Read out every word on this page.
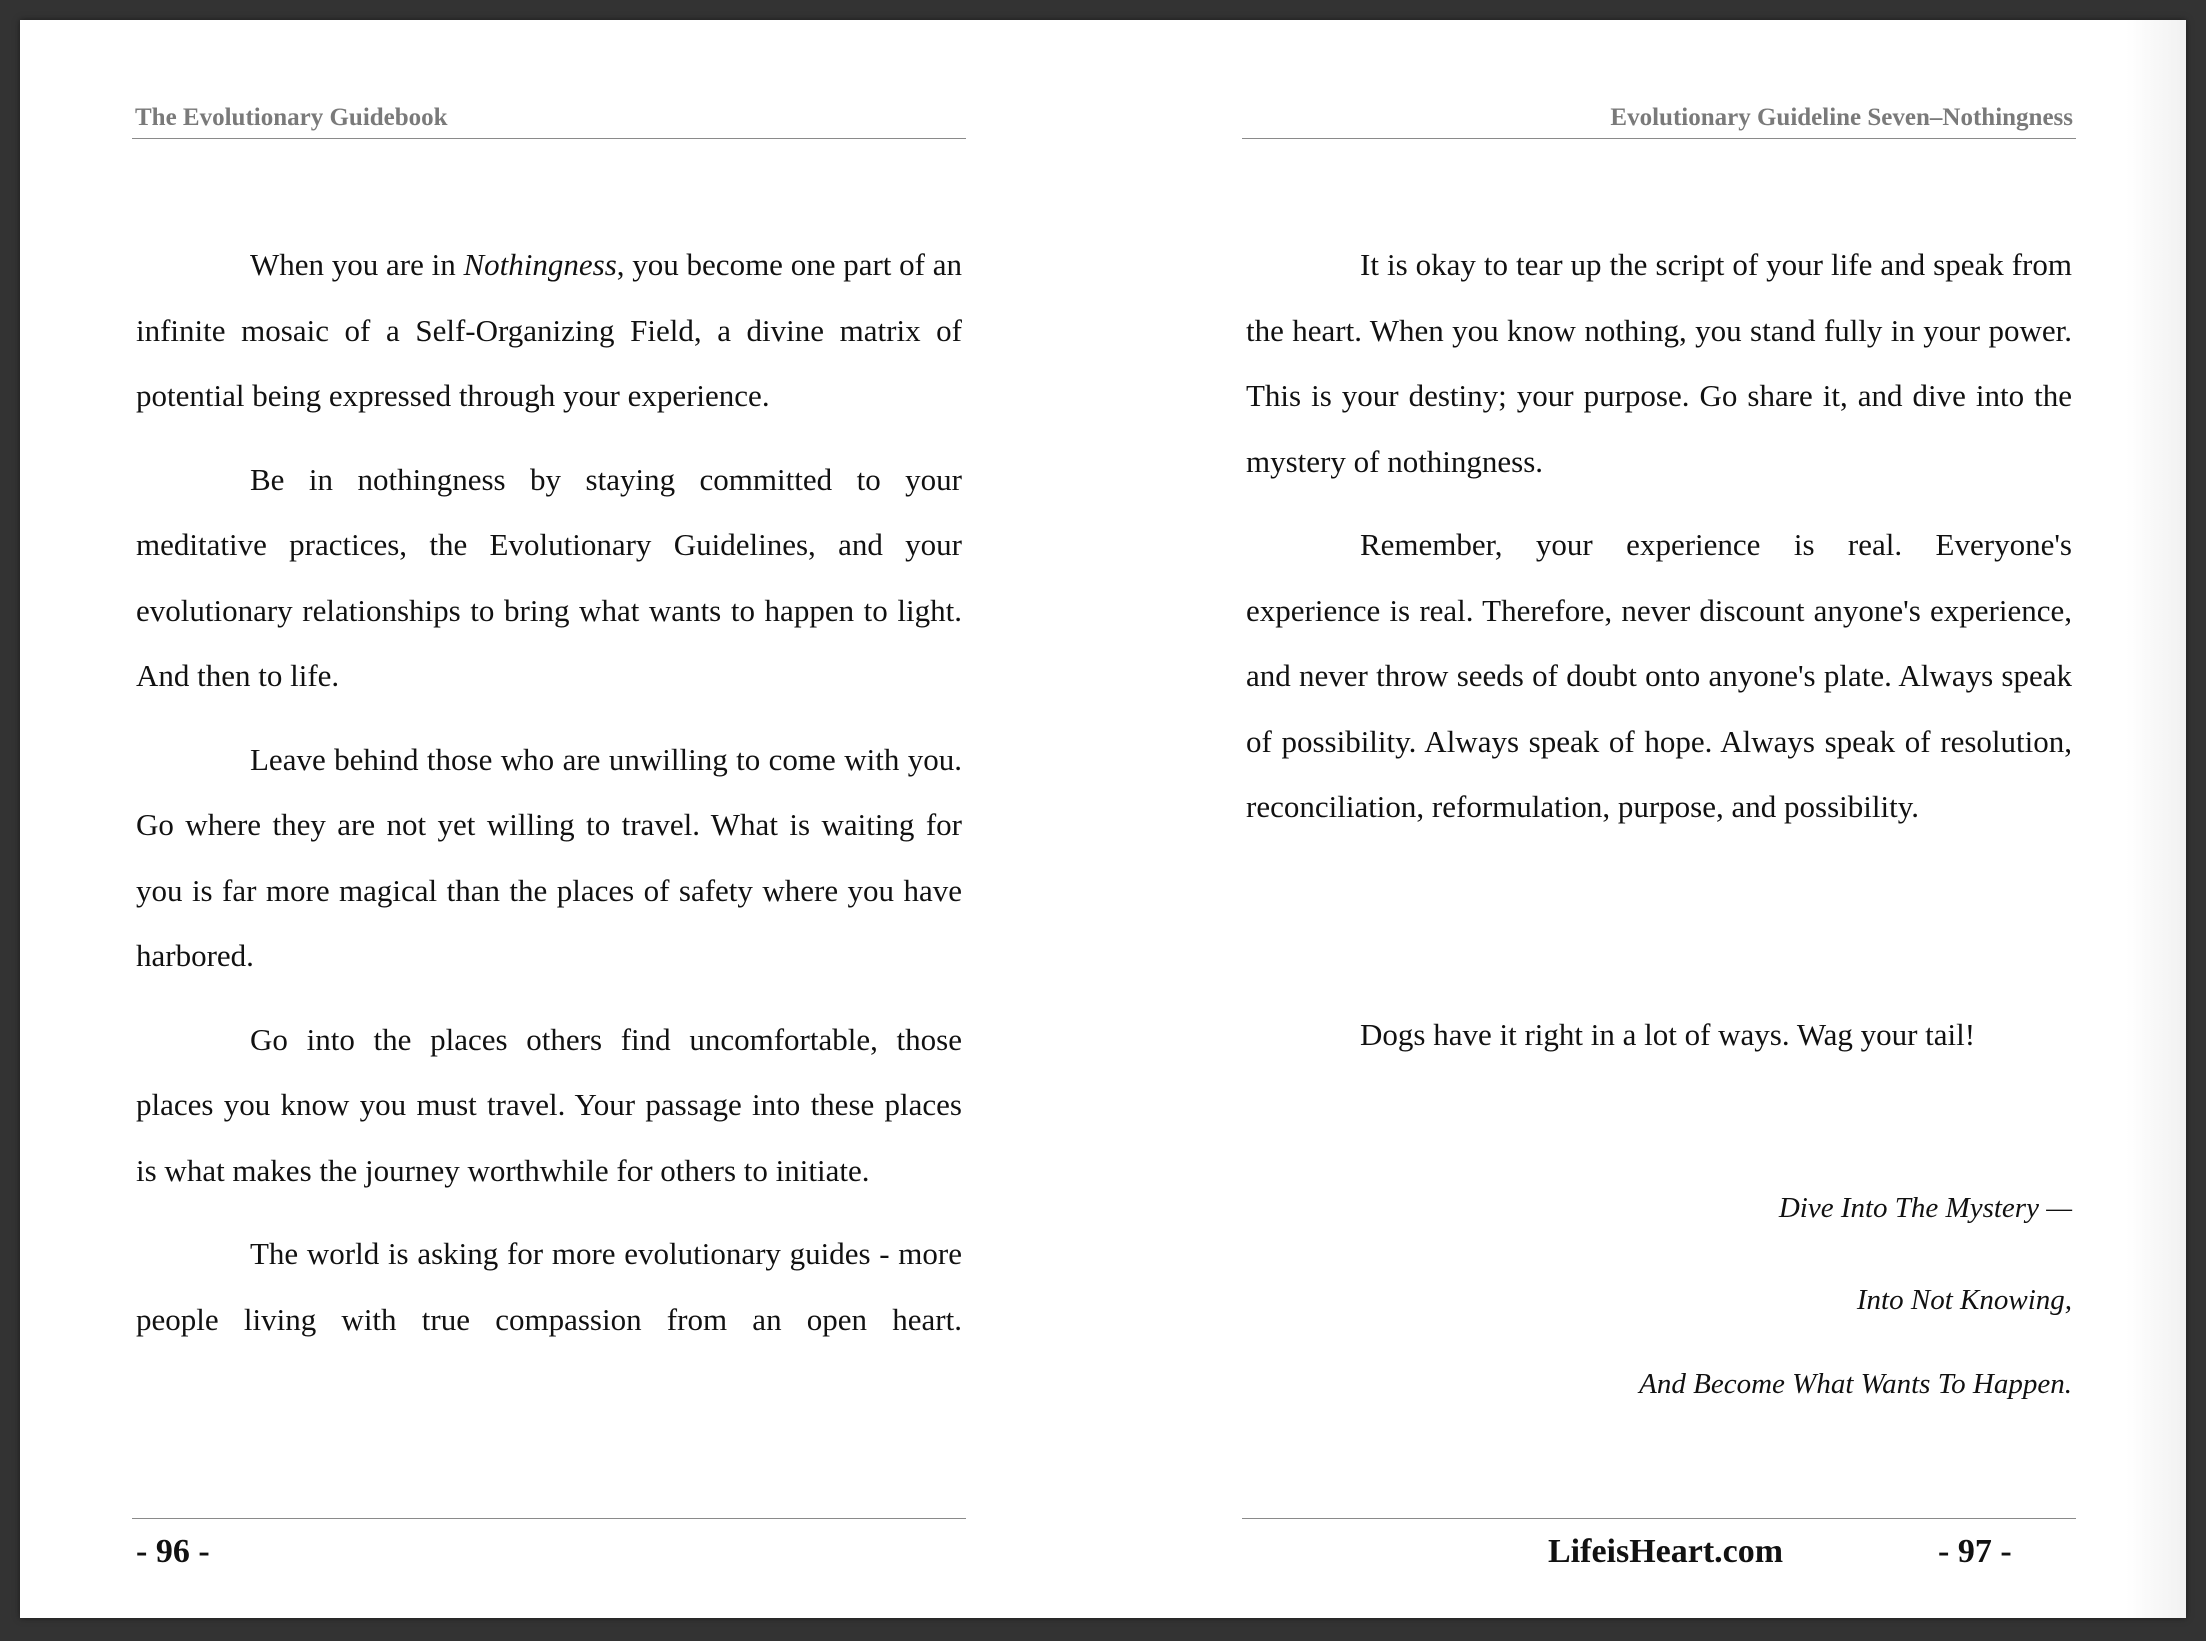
The Evolutionary Guidebook

When you are in Nothingness, you become one part of an infinite mosaic of a Self-Organizing Field, a divine matrix of potential being expressed through your experience.

Be in nothingness by staying committed to your meditative practices, the Evolutionary Guidelines, and your evolutionary relationships to bring what wants to happen to light. And then to life.

Leave behind those who are unwilling to come with you. Go where they are not yet willing to travel. What is waiting for you is far more magical than the places of safety where you have harbored.

Go into the places others find uncomfortable, those places you know you must travel. Your passage into these places is what makes the journey worthwhile for others to initiate.

The world is asking for more evolutionary guides - more people living with true compassion from an open heart.

- 96 -
Evolutionary Guideline Seven–Nothingness

It is okay to tear up the script of your life and speak from the heart. When you know nothing, you stand fully in your power. This is your destiny; your purpose. Go share it, and dive into the mystery of nothingness.

Remember, your experience is real. Everyone's experience is real. Therefore, never discount anyone's experience, and never throw seeds of doubt onto anyone's plate. Always speak of possibility. Always speak of hope. Always speak of resolution, reconciliation, reformulation, purpose, and possibility.

Dogs have it right in a lot of ways. Wag your tail!
Dive Into The Mystery —
Into Not Knowing,
And Become What Wants To Happen.
LifeisHeart.com	- 97 -
